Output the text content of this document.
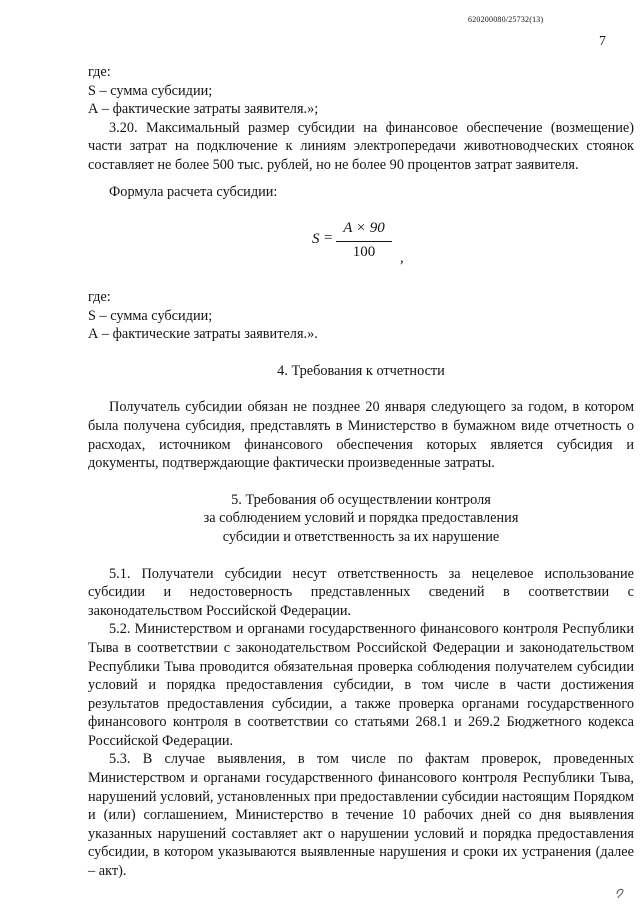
620200080/25732(13)
7

где:

S – сумма субсидии;

А – фактические затраты заявителя.»;

3.20. Максимальный размер субсидии на финансовое обеспечение (возмещение) части затрат на подключение к линиям электропередачи животноводческих стоянок составляет не более 500 тыс. рублей, но не более 90 процентов затрат заявителя.

Формула расчета субсидии:

S =
A × 90
100	,

где:

S – сумма субсидии;

А – фактические затраты заявителя.».

4. Требования к отчетности

Получатель субсидии обязан не позднее 20 января следующего за годом, в котором была получена субсидия, представлять в Министерство в бумажном виде отчетность о расходах, источником финансового обеспечения которых является субсидия и документы, подтверждающие фактически произведенные затраты.

5. Требования об осуществлении контроля

за соблюдением условий и порядка предоставления

субсидии и ответственность за их нарушение

5.1. Получатели субсидии несут ответственность за нецелевое использование субсидии и недостоверность представленных сведений в соответствии с законодательством Российской Федерации.

5.2. Министерством и органами государственного финансового контроля Республики Тыва в соответствии с законодательством Российской Федерации и законодательством Республики Тыва проводится обязательная проверка соблюдения получателем субсидии условий и порядка предоставления субсидии, в том числе в части достижения результатов предоставления субсидии, а также проверка органами государственного финансового контроля в соответствии со статьями 268.1 и 269.2 Бюджетного кодекса Российской Федерации.

5.3. В случае выявления, в том числе по фактам проверок, проведенных Министерством и органами государственного финансового контроля Республики Тыва, нарушений условий, установленных при предоставлении субсидии настоящим Порядком и (или) соглашением, Министерство в течение 10 рабочих дней со дня выявления указанных нарушений составляет акт о нарушении условий и порядка предоставления субсидии, в котором указываются выявленные нарушения и сроки их устранения (далее – акт).
